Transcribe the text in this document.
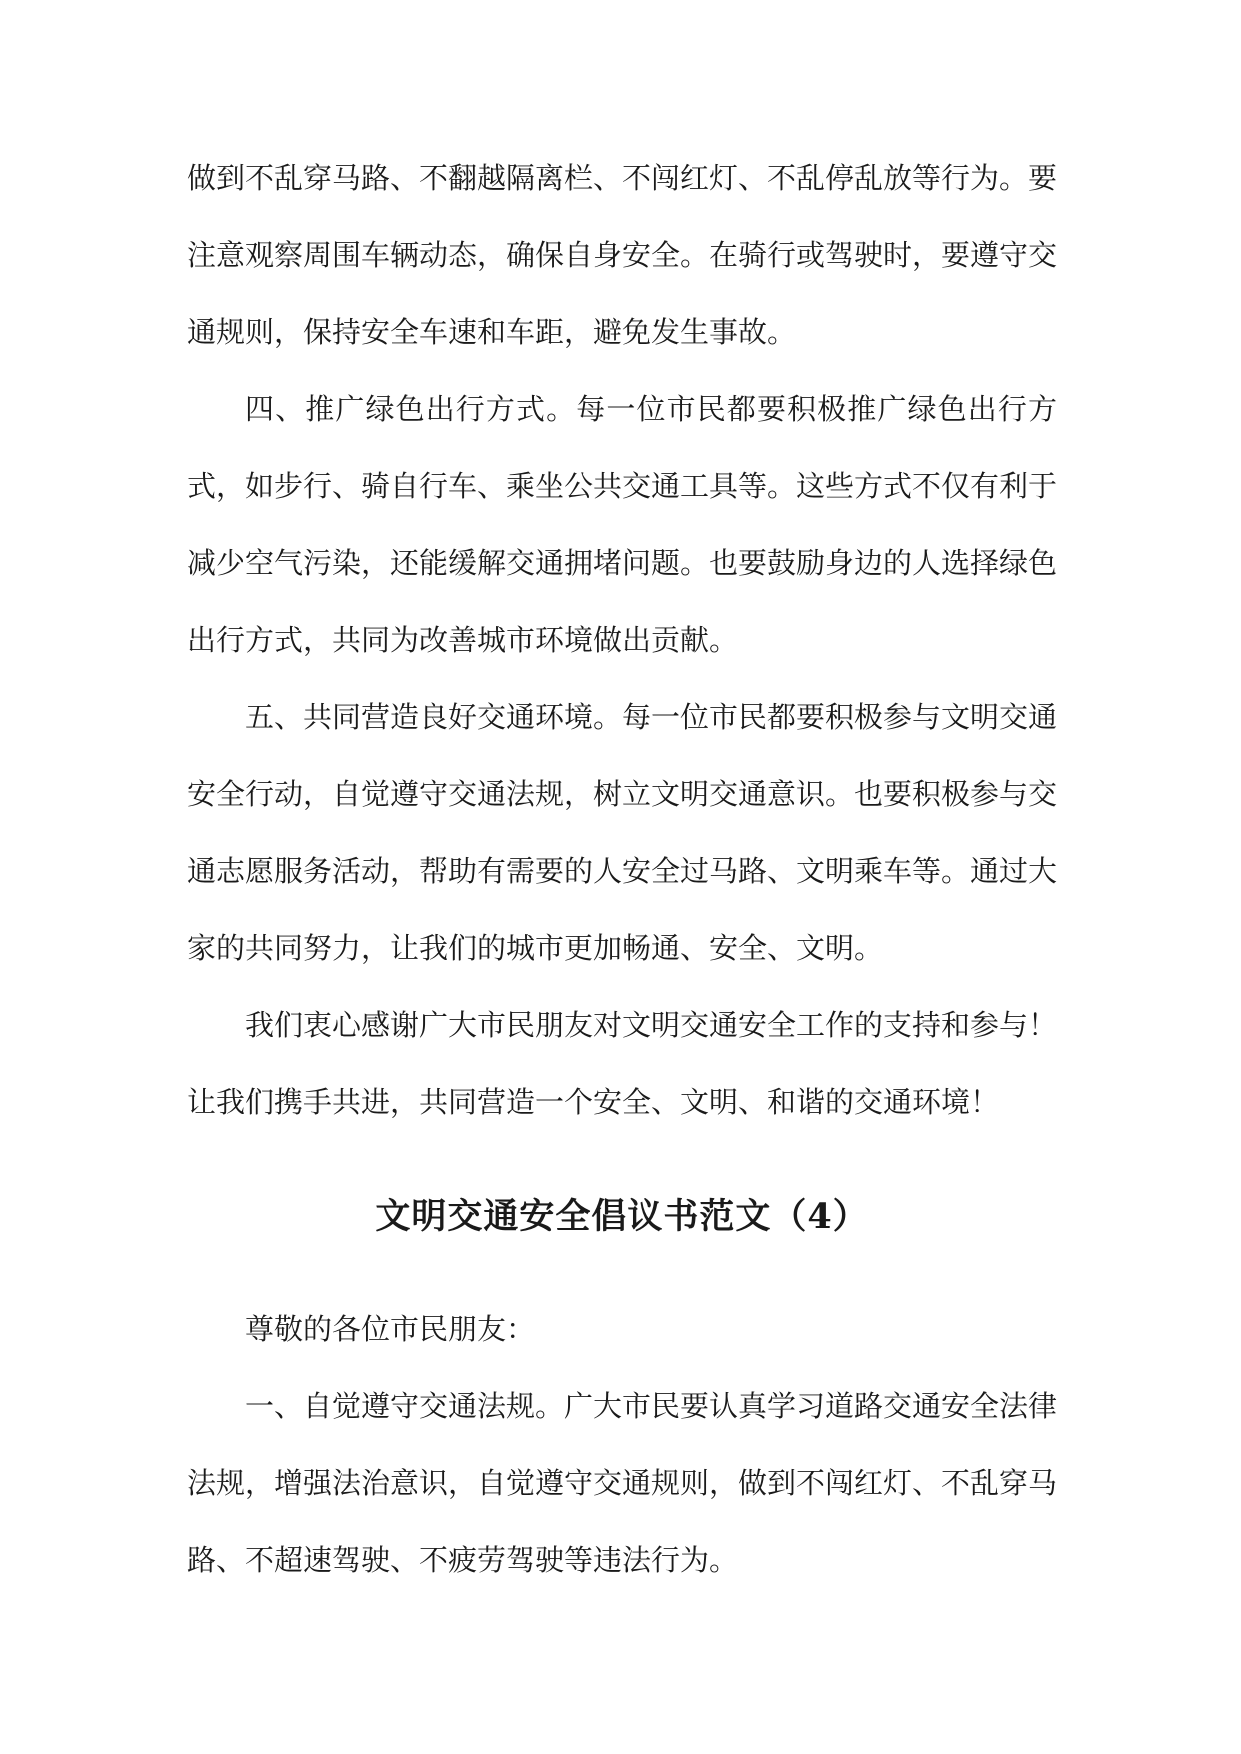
做到不乱穿马路、不翻越隔离栏、不闯红灯、不乱停乱放等行为。要注意观察周围车辆动态，确保自身安全。在骑行或驾驶时，要遵守交通规则，保持安全车速和车距，避免发生事故。

四、推广绿色出行方式。每一位市民都要积极推广绿色出行方式，如步行、骑自行车、乘坐公共交通工具等。这些方式不仅有利于减少空气污染，还能缓解交通拥堵问题。也要鼓励身边的人选择绿色出行方式，共同为改善城市环境做出贡献。

五、共同营造良好交通环境。每一位市民都要积极参与文明交通安全行动，自觉遵守交通法规，树立文明交通意识。也要积极参与交通志愿服务活动，帮助有需要的人安全过马路、文明乘车等。通过大家的共同努力，让我们的城市更加畅通、安全、文明。

我们衷心感谢广大市民朋友对文明交通安全工作的支持和参与！让我们携手共进，共同营造一个安全、文明、和谐的交通环境！

文明交通安全倡议书范文（4）

尊敬的各位市民朋友：

一、自觉遵守交通法规。广大市民要认真学习道路交通安全法律法规，增强法治意识，自觉遵守交通规则，做到不闯红灯、不乱穿马路、不超速驾驶、不疲劳驾驶等违法行为。
